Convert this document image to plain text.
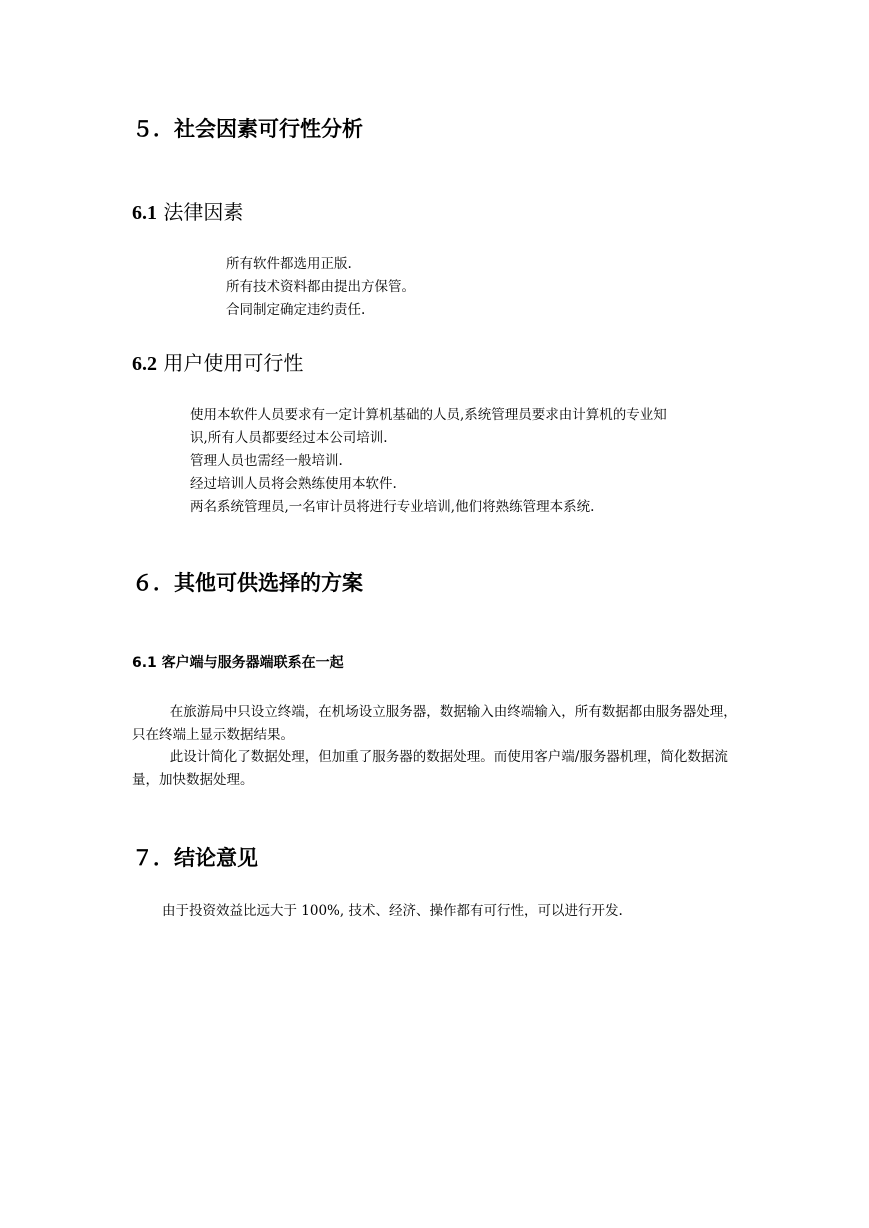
５．社会因素可行性分析
6.1 法律因素

所有软件都选用正版.

所有技术资料都由提出方保管。

合同制定确定违约责任.

6.2 用户使用可行性

使用本软件人员要求有一定计算机基础的人员,系统管理员要求由计算机的专业知

识,所有人员都要经过本公司培训.

管理人员也需经一般培训.

经过培训人员将会熟练使用本软件.

两名系统管理员,一名审计员将进行专业培训,他们将熟练管理本系统.

６．其他可供选择的方案
6.1 客户端与服务器端联系在一起

在旅游局中只设立终端，在机场设立服务器，数据输入由终端输入，所有数据都由服务器处理，只在终端上显示数据结果。

此设计简化了数据处理，但加重了服务器的数据处理。而使用客户端/服务器机理，简化数据流量，加快数据处理。

７．结论意见

由于投资效益比远大于 100%, 技术、经济、操作都有可行性，可以进行开发.
